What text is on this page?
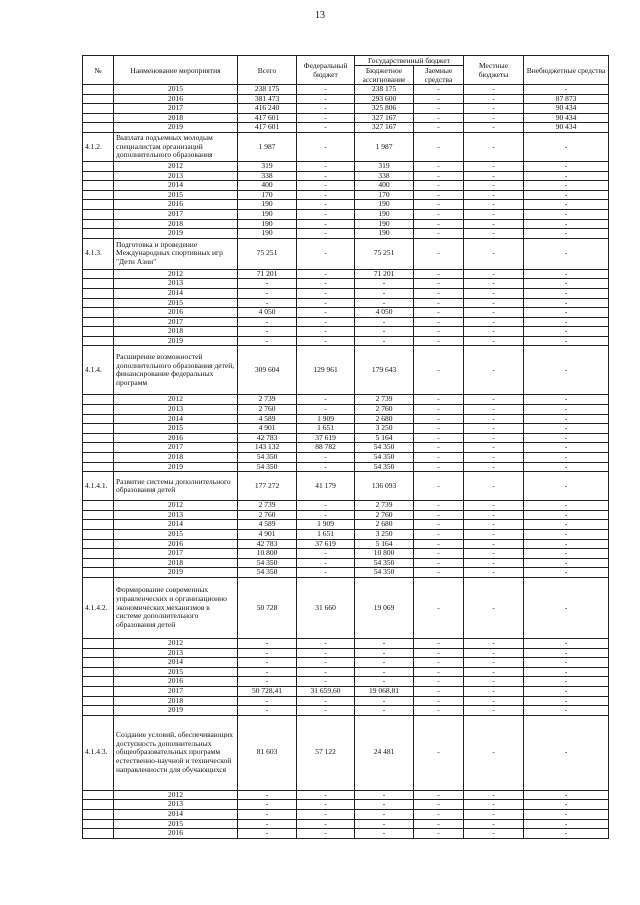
13
№	Наименование мероприятия	Всего	Федеральный бюджет	Государственный бюджет		Местные бюджеты	Внебюджетные средства
				Бюджетное ассигнование	Заемные средства		
	2015	238 175	-	238 175	-	-	-
	2016	381 473	-	293 600	-	-	87 873
	2017	416 240	-	325 806	-	-	90 434
	2018	417 601	-	327 167	-	-	90 434
	2019	417 601	-	327 167	-	-	90 434
4.1.2.	Выплата подъемных молодым специалистам организаций дополнительного образования	1 987	-	1 987	-	-	-
	2012	319	-	319	-	-	-
	2013	338	-	338	-	-	-
	2014	400	-	400	-	-	-
	2015	170	-	170	-	-	-
	2016	190	-	190	-	-	-
	2017	190	-	190	-	-	-
	2018	190	-	190	-	-	-
	2019	190	-	190	-	-	-
4.1.3.	Подготовка и проведение Международных спортивных игр "Дети Азии"	75 251	-	75 251	-	-	-
	2012	71 201	-	71 201	-	-	-
	2013	-	-	-	-	-	-
	2014	-	-	-	-	-	-
	2015	-	-	-	-	-	-
	2016	4 050	-	4 050	-	-	-
	2017	-	-	-	-	-	-
	2018	-	-	-	-	-	-
	2019	-	-	-	-	-	-
4.1.4.	Расширение возможностей дополнительного образования детей, финансирование федеральных программ	309 604	129 961	179 643	-	-	-
	2012	2 739	-	2 739	-	-	-
	2013	2 760	-	2 760	-	-	-
	2014	4 589	1 909	2 680	-	-	-
	2015	4 901	1 651	3 250	-	-	-
	2016	42 783	37 619	5 164	-	-	-
	2017	143 132	88 782	54 350	-	-	-
	2018	54 350	-	54 350	-	-	-
	2019	54 350	-	54 350	-	-	-
4.1.4.1.	Развитие системы дополнительного образования детей	177 272	41 179	136 093	-	-	-
	2012	2 739	-	2 739	-	-	-
	2013	2 760	-	2 760	-	-	-
	2014	4 589	1 909	2 680	-	-	-
	2015	4 901	1 651	3 250	-	-	-
	2016	42 783	37 619	5 164	-	-	-
	2017	10 800	-	10 800	-	-	-
	2018	54 350	-	54 350	-	-	-
	2019	54 350	-	54 350	-	-	-
4.1.4.2.	Формирование современных управленческих и организационно экономических механизмов в системе дополнительного образования детей	50 728	31 660	19 069	-	-	-
	2012	-	-	-	-	-	-
	2013	-	-	-	-	-	-
	2014	-	-	-	-	-	-
	2015	-	-	-	-	-	-
	2016	-	-	-	-	-	-
	2017	50 728,41	31 659,60	19 068,81	-	-	-
	2018	-	-	-	-	-	-
	2019	-	-	-	-	-	-
4.1.4.3.	Создание условий, обеспечивающих доступность дополнительных общеобразовательных программ естественно-научной и технической направленности для обучающихся	81 603	57 122	24 481	-	-	-
	2012	-	-	-	-	-	-
	2013	-	-	-	-	-	-
	2014	-	-	-	-	-	-
	2015	-	-	-	-	-	-
	2016	-	-	-	-	-	-
